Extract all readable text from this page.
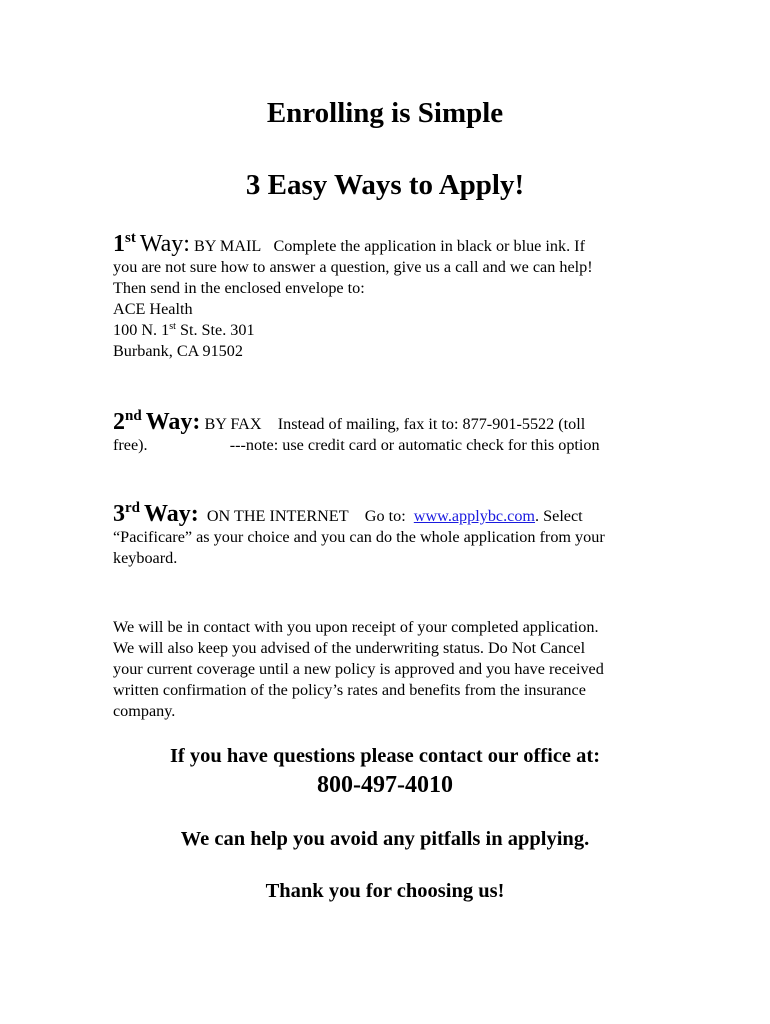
Enrolling is Simple
3 Easy Ways to Apply!
1st Way: BY MAIL Complete the application in black or blue ink. If
you are not sure how to answer a question, give us a call and we can help!
Then send in the enclosed envelope to:
ACE Health
100 N. 1st St. Ste. 301
Burbank, CA 91502
2nd Way: BY FAX Instead of mailing, fax it to: 877-901-5522 (toll
free).	---note: use credit card or automatic check for this option
3rd Way: ON THE INTERNET Go to: www.applybc.com. Select
“Pacificare” as your choice and you can do the whole application from your
keyboard.
We will be in contact with you upon receipt of your completed application.
We will also keep you advised of the underwriting status. Do Not Cancel
your current coverage until a new policy is approved and you have received
written confirmation of the policy’s rates and benefits from the insurance
company.
If you have questions please contact our office at:
800-497-4010
We can help you avoid any pitfalls in applying.
Thank you for choosing us!
